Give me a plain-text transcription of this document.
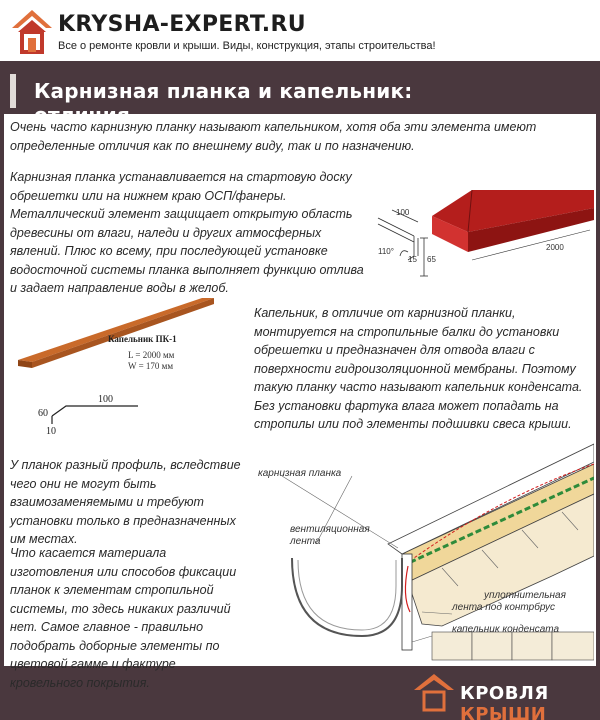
KRYSHA-EXPERT.RU
Все о ремонте кровли и крыши. Виды, конструкция, этапы строительства!
Карнизная планка и капельник:

Очень часто карнизную планку называют капельником, хотя оба эти элемента имеют определенные отличия как по внешнему виду, так и по назначению.

Карнизная планка устанавливается на стартовую доску обрешетки или на нижнем краю ОСП/фанеры. Металлический элемент защищает открытую область древесины от влаги, наледи и других атмосферных явлений. Плюс ко всему, при последующей установке водосточной системы планка выполняет функцию отлива и задает направление воды в желоб.

100
110°
15 65
2000
Капельник ПК-1
L = 2000 мм
W = 170 мм
100
60
10

Капельник, в отличие от карнизной планки, монтируется на стропильные балки до установки обрешетки и предназначен для отвода влаги с поверхности гидроизоляционной мембраны. Поэтому такую планку часто называют капельник конденсата. Без установки фартука влага может попадать на стропилы или под элементы подшивки свеса крыши.

У планок разный профиль, вследствие чего они не могут быть взаимозаменяемыми и требуют установки только в предназначенных им местах.

Что касается материала изготовления или способов фиксации планок к элементам стропильной системы, то здесь никаких различий нет. Самое главное - правильно подобрать доборные элементы по цветовой гамме и фактуре кровельного покрытия.

вентиляционная
лента
карнизная планка
уплотнительная
лента под контрбрус
капельник конденсата
КРОВЛЯ КРЫШИ
